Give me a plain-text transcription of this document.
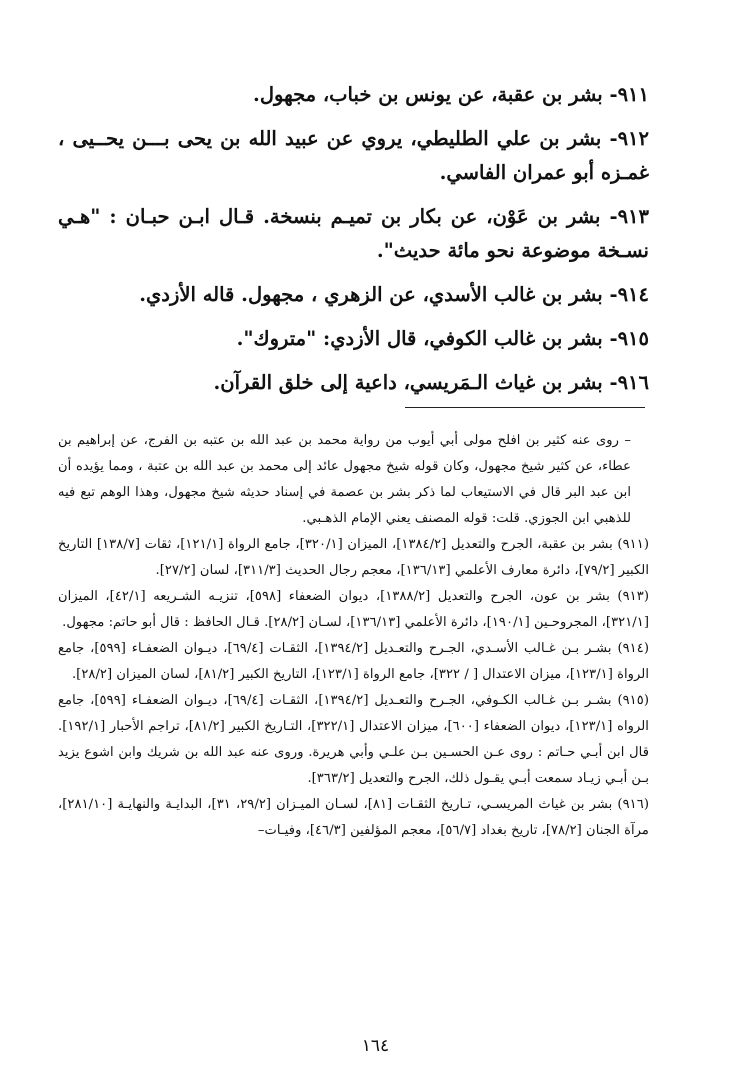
٩١١- بشر بن عقبة، عن يونس بن خباب، مجهول.

٩١٢- بشر بن علي الطليطي، يروي عن عبيد الله بن يحى بـــن يحــيى ، غمـزه أبو عمران الفاسي.

٩١٣- بشر بن عَوْن، عن بكار بن تميـم بنسخة. قـال ابـن حبـان : "هـي نسـخة موضوعة نحو مائة حديث".

٩١٤- بشر بن غالب الأسدي، عن الزهري ، مجهول. قاله الأزدي.

٩١٥- بشر بن غالب الكوفي، قال الأزدي: "متروك".

٩١٦- بشر بن غياث الـمَريسي، داعية إلى خلق القرآن.

– روى عنه كثير بن افلح مولى أبي أيوب من رواية محمد بن عبد الله بن عتبه بن الفرج، عن إبراهيم بن عطاء، عن كثير شيخ مجهول، وكان قوله شيخ مجهول عائد إلى محمد بن عبد الله بن عتبة ، ومما يؤيده أن ابن عبد البر قال في الاستيعاب لما ذكر بشر بن عصمة في إسناد حديثه شيخ مجهول، وهذا الوهم تبع فيه للذهبي ابن الجوزي. قلت: قوله المصنف يعني الإمام الذهـبي.

(٩١١) بشر بن عقبة، الجرح والتعديل [١٣٨٤/٢]، الميزان [٣٢٠/١]، جامع الرواة [١٢١/١]، ثقات [١٣٨/٧] التاريخ الكبير [٧٩/٢]، دائرة معارف الأعلمي [١٣٦/١٣]، معجم رجال الحديث [٣١١/٣]، لسان [٢٧/٢].

(٩١٣) بشر بن عون، الجرح والتعديل [١٣٨٨/٢]، ديوان الضعفاء [٥٩٨]، تنزيـه الشـريعه [٤٢/١]، الميزان [٣٢١/١]، المجروحـين [١٩٠/١]، دائرة الأعلمي [١٣٦/١٣]، لسـان [٢٨/٢]. قـال الحافظ : قال أبو حاتم: مجهول.

(٩١٤) بشـر بـن غـالب الأسـدي، الجـرح والتعـديل [١٣٩٤/٢]، الثقـات [٦٩/٤]، ديـوان الضعفـاء [٥٩٩]، جامع الرواة [١٢٣/١]، ميزان الاعتدال [ / ٣٢٢]، جامع الرواة [١٢٣/١]، التاريخ الكبير [٨١/٢]، لسان الميزان [٢٨/٢].

(٩١٥) بشـر بـن غـالب الكـوفي، الجـرح والتعـديل [١٣٩٤/٢]، الثقـات [٦٩/٤]، ديـوان الضعفـاء [٥٩٩]، جامع الرواه [١٢٣/١]، ديوان الضعفاء [٦٠٠]، ميزان الاعتدال [٣٢٢/١]، التـاريخ الكبير [٨١/٢]، تراجم الأحبار [١٩٢/١]. قال ابن أبـي حـاتم : روى عـن الحسـين بـن علـي وأبي هريرة. وروى عنه عبد الله بن شريك وابن اشوع يزيد بـن أبـي زيـاد سمعت أبـي يقـول ذلك، الجرح والتعديل [٣٦٣/٢].

(٩١٦) بشر بن غياث المريسـي، تـاريخ الثقـات [٨١]، لسـان الميـزان [٢٩/٢، ٣١]، البدايـة والنهايـة [٢٨١/١٠]، مرآة الجنان [٧٨/٢]، تاريخ بغداد [٥٦/٧]، معجم المؤلفين [٤٦/٣]، وفيـات–

١٦٤
